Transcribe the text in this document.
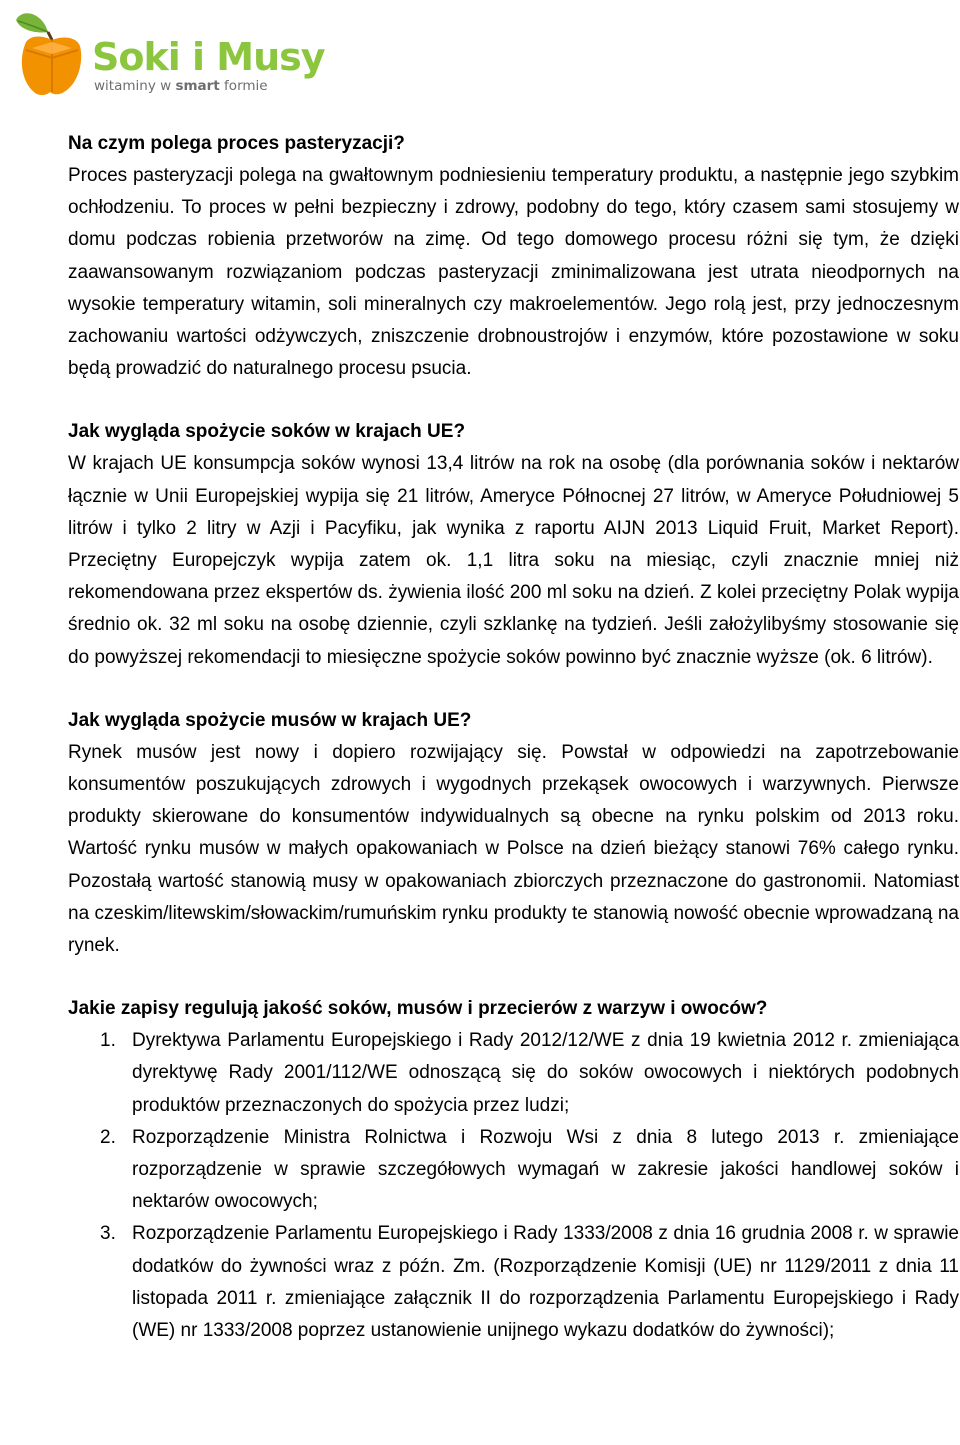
Soki i Musy
witaminy w smart formie
Na czym polega proces pasteryzacji?

Proces pasteryzacji polega na gwałtownym podniesieniu temperatury produktu, a następnie jego szybkim ochłodzeniu. To proces w pełni bezpieczny i zdrowy, podobny do tego, który czasem sami stosujemy w domu podczas robienia przetworów na zimę. Od tego domowego procesu różni się tym, że dzięki zaawansowanym rozwiązaniom podczas pasteryzacji zminimalizowana jest utrata nieodpornych na wysokie temperatury witamin, soli mineralnych czy makroelementów. Jego rolą jest, przy jednoczesnym zachowaniu wartości odżywczych, zniszczenie drobnoustrojów i enzymów, które pozostawione w soku będą prowadzić do naturalnego procesu psucia.

Jak wygląda spożycie soków w krajach UE?

W krajach UE konsumpcja soków wynosi 13,4 litrów na rok na osobę (dla porównania soków i nektarów łącznie w Unii Europejskiej wypija się 21 litrów, Ameryce Północnej 27 litrów, w Ameryce Południowej 5 litrów i tylko 2 litry w Azji i Pacyfiku, jak wynika z raportu AIJN 2013 Liquid Fruit, Market Report). Przeciętny Europejczyk wypija zatem ok. 1,1 litra soku na miesiąc, czyli znacznie mniej niż rekomendowana przez ekspertów ds. żywienia ilość 200 ml soku na dzień. Z kolei przeciętny Polak wypija średnio ok. 32 ml soku na osobę dziennie, czyli szklankę na tydzień. Jeśli założylibyśmy stosowanie się do powyższej rekomendacji to miesięczne spożycie soków powinno być znacznie wyższe (ok. 6 litrów).

Jak wygląda spożycie musów w krajach UE?

Rynek musów jest nowy i dopiero rozwijający się. Powstał w odpowiedzi na zapotrzebowanie konsumentów poszukujących zdrowych i wygodnych przekąsek owocowych i warzywnych. Pierwsze produkty skierowane do konsumentów indywidualnych są obecne na rynku polskim od 2013 roku. Wartość rynku musów w małych opakowaniach w Polsce na dzień bieżący stanowi 76% całego rynku. Pozostałą wartość stanowią musy w opakowaniach zbiorczych przeznaczone do gastronomii. Natomiast na czeskim/litewskim/słowackim/rumuńskim rynku produkty te stanowią nowość obecnie wprowadzaną na rynek.

Jakie zapisy regulują jakość soków, musów i przecierów z warzyw i owoców?
1. Dyrektywa Parlamentu Europejskiego i Rady 2012/12/WE z dnia 19 kwietnia 2012 r. zmieniająca dyrektywę Rady 2001/112/WE odnoszącą się do soków owocowych i niektórych podobnych produktów przeznaczonych do spożycia przez ludzi;
2. Rozporządzenie Ministra Rolnictwa i Rozwoju Wsi z dnia 8 lutego 2013 r. zmieniające rozporządzenie w sprawie szczegółowych wymagań w zakresie jakości handlowej soków i nektarów owocowych;
3. Rozporządzenie Parlamentu Europejskiego i Rady 1333/2008 z dnia 16 grudnia 2008 r. w sprawie dodatków do żywności wraz z późn. Zm. (Rozporządzenie Komisji (UE) nr 1129/2011 z dnia 11 listopada 2011 r. zmieniające załącznik II do rozporządzenia Parlamentu Europejskiego i Rady (WE) nr 1333/2008 poprzez ustanowienie unijnego wykazu dodatków do żywności);
